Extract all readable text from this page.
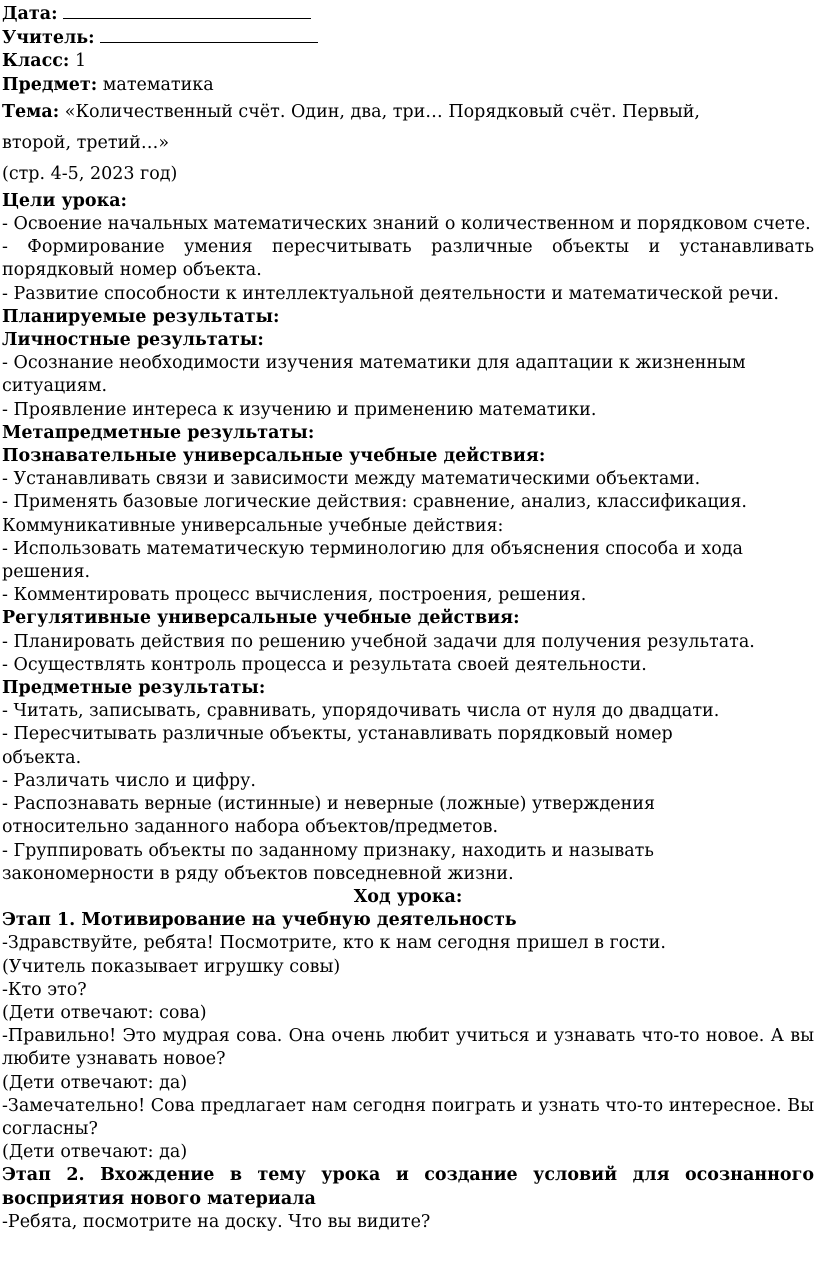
Дата:
Учитель:
Класс: 1
Предмет: математика
Тема: «Количественный счёт. Один, два, три… Порядковый счёт. Первый, второй, третий…»
(стр. 4-5, 2023 год)
Цели урока:
- Освоение начальных математических знаний о количественном и порядковом счете.
- Формирование умения пересчитывать различные объекты и устанавливать порядковый номер объекта.
- Развитие способности к интеллектуальной деятельности и математической речи.
Планируемые результаты:
Личностные результаты:
- Осознание необходимости изучения математики для адаптации к жизненным ситуациям.
- Проявление интереса к изучению и применению математики.
Метапредметные результаты:
Познавательные универсальные учебные действия:
- Устанавливать связи и зависимости между математическими объектами.
- Применять базовые логические действия: сравнение, анализ, классификация.
Коммуникативные универсальные учебные действия:
- Использовать математическую терминологию для объяснения способа и хода решения.
- Комментировать процесс вычисления, построения, решения.
Регулятивные универсальные учебные действия:
- Планировать действия по решению учебной задачи для получения результата.
- Осуществлять контроль процесса и результата своей деятельности.
Предметные результаты:
- Читать, записывать, сравнивать, упорядочивать числа от нуля до двадцати.
- Пересчитывать различные объекты, устанавливать порядковый номер объекта.
- Различать число и цифру.
- Распознавать верные (истинные) и неверные (ложные) утверждения относительно заданного набора объектов/предметов.
- Группировать объекты по заданному признаку, находить и называть закономерности в ряду объектов повседневной жизни.
Ход урока:
Этап 1. Мотивирование на учебную деятельность
-Здравствуйте, ребята! Посмотрите, кто к нам сегодня пришел в гости.
(Учитель показывает игрушку совы)
-Кто это?
(Дети отвечают: сова)
-Правильно! Это мудрая сова. Она очень любит учиться и узнавать что-то новое. А вы любите узнавать новое?
(Дети отвечают: да)
-Замечательно! Сова предлагает нам сегодня поиграть и узнать что-то интересное. Вы согласны?
(Дети отвечают: да)
Этап 2. Вхождение в тему урока и создание условий для осознанного восприятия нового материала
-Ребята, посмотрите на доску. Что вы видите?
